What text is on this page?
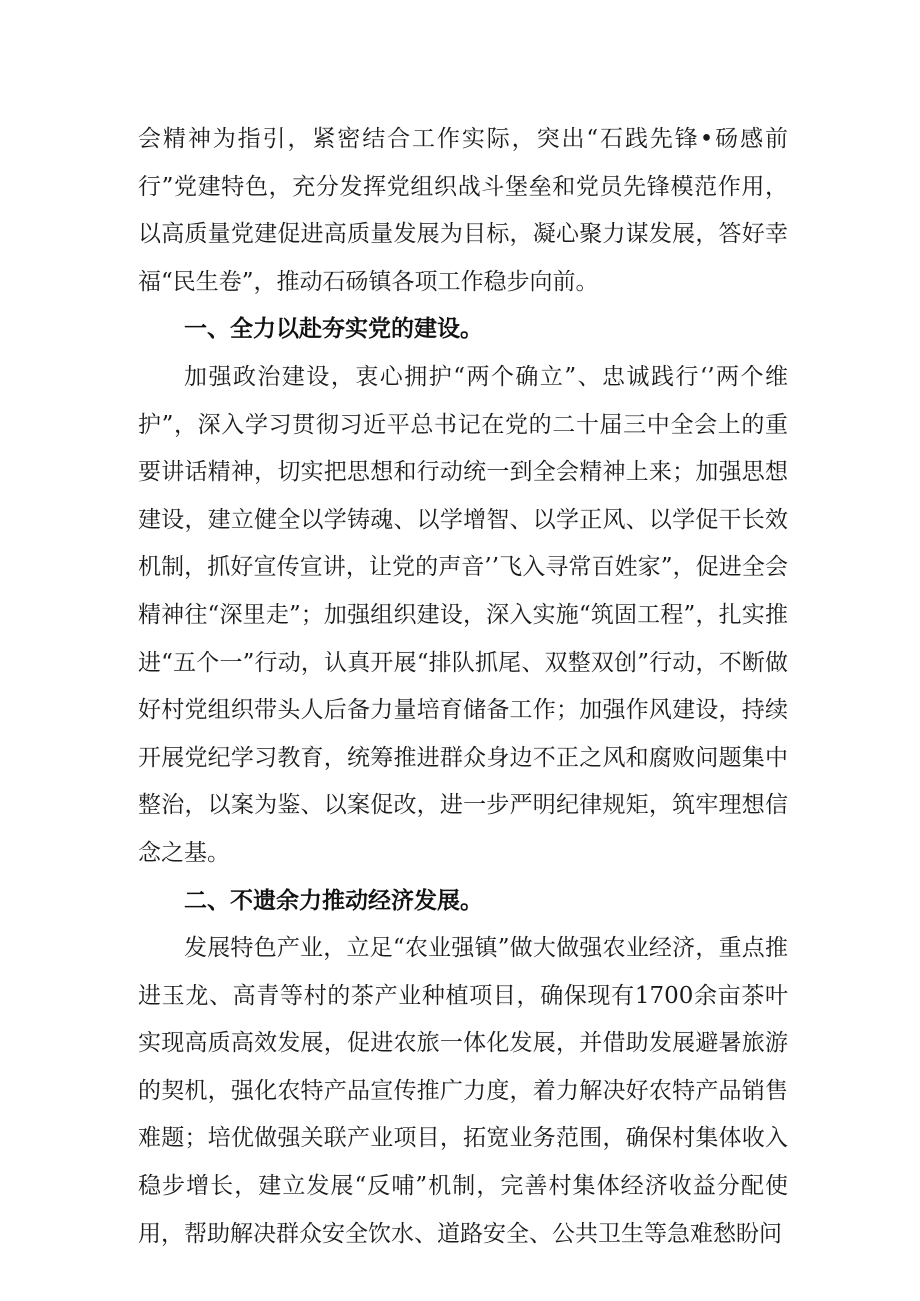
会精神为指引，紧密结合工作实际，突出“石践先锋•砀感前行”党建特色，充分发挥党组织战斗堡垒和党员先锋模范作用，以高质量党建促进高质量发展为目标，凝心聚力谋发展，答好幸福“民生卷”，推动石砀镇各项工作稳步向前。

一、全力以赴夯实党的建设。

加强政治建设，衷心拥护“两个确立”、忠诚践行‘’两个维护”，深入学习贯彻习近平总书记在党的二十届三中全会上的重要讲话精神，切实把思想和行动统一到全会精神上来；加强思想建设，建立健全以学铸魂、以学增智、以学正风、以学促干长效机制，抓好宣传宣讲，让党的声音’’飞入寻常百姓家”，促进全会精神往“深里走”；加强组织建设，深入实施“筑固工程”，扎实推进“五个一”行动，认真开展“排队抓尾、双整双创”行动，不断做好村党组织带头人后备力量培育储备工作；加强作风建设，持续开展党纪学习教育，统筹推进群众身边不正之风和腐败问题集中整治，以案为鉴、以案促改，进一步严明纪律规矩，筑牢理想信念之基。

二、不遗余力推动经济发展。

发展特色产业，立足“农业强镇”做大做强农业经济，重点推进玉龙、高青等村的茶产业种植项目，确保现有1700余亩茶叶实现高质高效发展，促进农旅一体化发展，并借助发展避暑旅游的契机，强化农特产品宣传推广力度，着力解决好农特产品销售难题；培优做强关联产业项目，拓宽业务范围，确保村集体收入稳步增长，建立发展“反哺”机制，完善村集体经济收益分配使用，帮助解决群众安全饮水、道路安全、公共卫生等急难愁盼问
